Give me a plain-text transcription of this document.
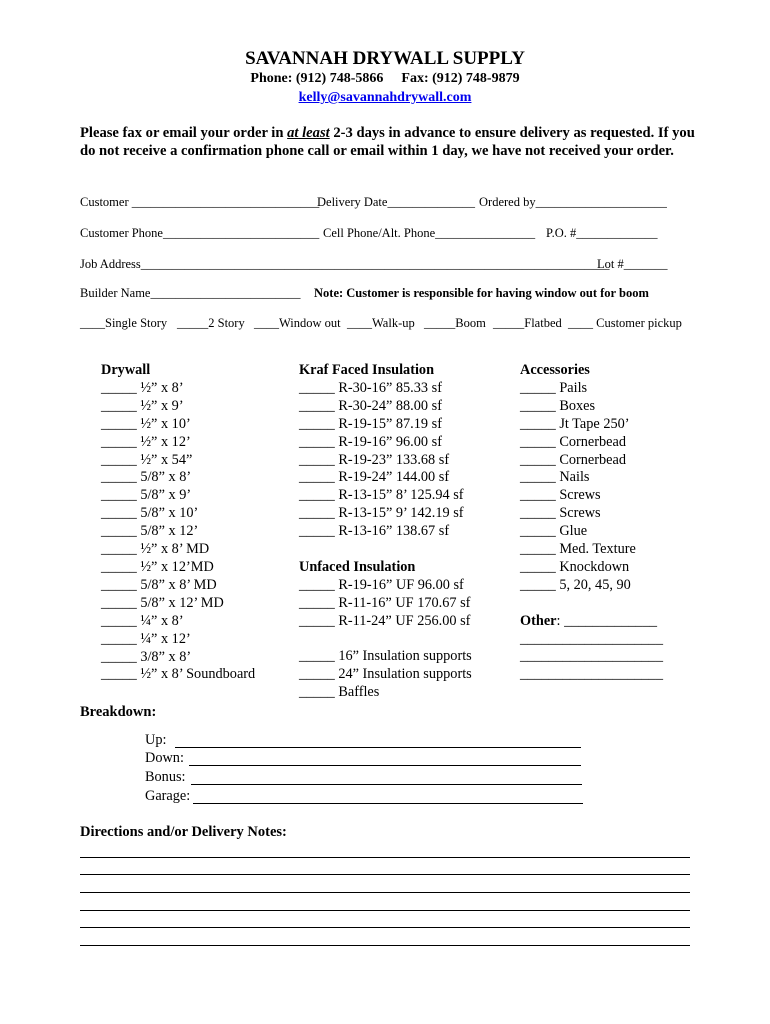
SAVANNAH DRYWALL SUPPLY
Phone: (912) 748-5866 Fax: (912) 748-9879
kelly@savannahdrywall.com
Please fax or email your order in at least 2-3 days in advance to ensure delivery as requested. If you do not receive a confirmation phone call or email within 1 day, we have not received your order.
Customer ______________________________
Delivery Date______________ Ordered by_____________________
Customer Phone_________________________ Cell Phone/Alt. Phone________________ P.O. #_____________
Job Address___________________________________________________________________________
Lot #_______
Builder Name________________________ Note: Customer is responsible for having window out for boom
____Single Story _____2 Story ____Window out ____Walk-up _____Boom _____Flatbed ____ Customer pickup
Drywall
_____ ½” x 8’
_____ ½” x 9’
_____ ½” x 10’
_____ ½” x 12’
_____ ½” x 54”
_____ 5/8” x 8’
_____ 5/8” x 9’
_____ 5/8” x 10’
_____ 5/8” x 12’
_____ ½” x 8’ MD
_____ ½” x 12’MD
_____ 5/8” x 8’ MD
_____ 5/8” x 12’ MD
_____ ¼” x 8’
_____ ¼” x 12’
_____ 3/8” x 8’
_____ ½” x 8’ Soundboard
Kraf Faced Insulation
_____ R-30-16” 85.33 sf
_____ R-30-24” 88.00 sf
_____ R-19-15” 87.19 sf
_____ R-19-16” 96.00 sf
_____ R-19-23” 133.68 sf
_____ R-19-24” 144.00 sf
_____ R-13-15” 8’ 125.94 sf
_____ R-13-15” 9’ 142.19 sf
_____ R-13-16” 138.67 sf
Unfaced Insulation
_____ R-19-16” UF 96.00 sf
_____ R-11-16” UF 170.67 sf
_____ R-11-24” UF 256.00 sf
_____ 16” Insulation supports
_____ 24” Insulation supports
_____ Baffles
Accessories
_____ Pails
_____ Boxes
_____ Jt Tape 250’
_____ Cornerbead
_____ Cornerbead
_____ Nails
_____ Screws
_____ Screws
_____ Glue
_____ Med. Texture
_____ Knockdown
_____ 5, 20, 45, 90
Other: _____________
____________________
____________________
____________________
Breakdown:
Up:
Down:
Bonus:
Garage:
Directions and/or Delivery Notes:
